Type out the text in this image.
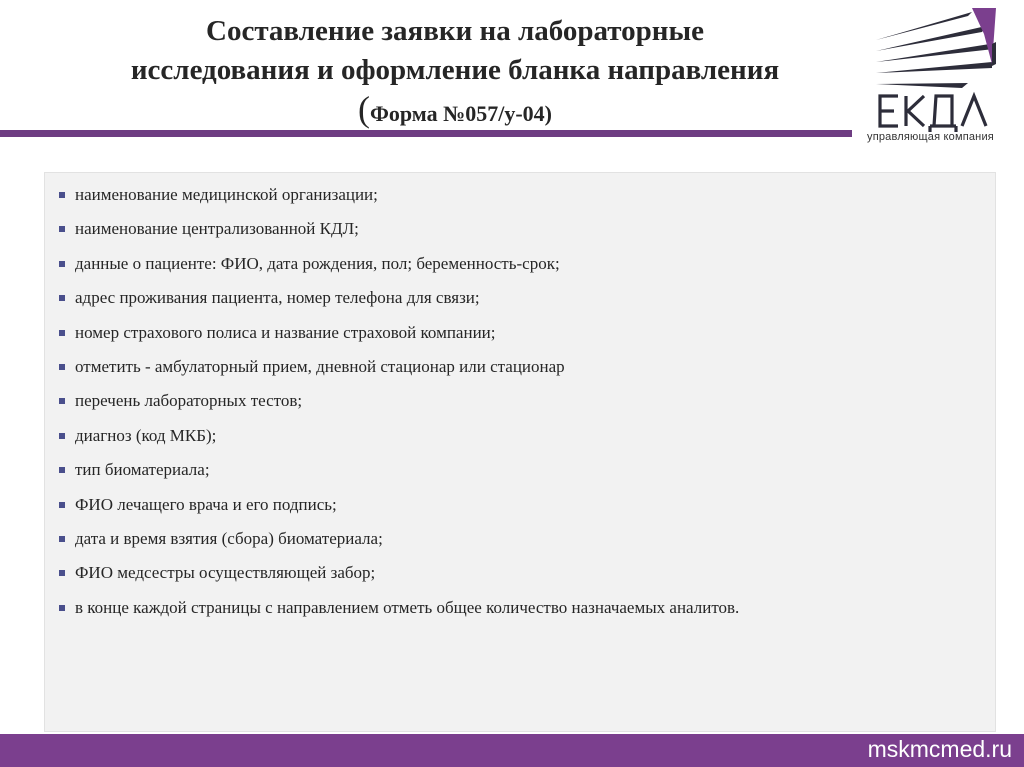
Составление заявки на лабораторные
исследования и оформление бланка направления
(Форма №057/у-04)
управляющая компания
наименование медицинской организации;
наименование централизованной КДЛ;
данные о пациенте: ФИО, дата рождения, пол; беременность-срок;
адрес проживания пациента, номер телефона для связи;
номер страхового полиса и название страховой компании;
отметить - амбулаторный прием, дневной стационар или стационар
перечень лабораторных тестов;
диагноз (код МКБ);
тип биоматериала;
ФИО лечащего врача и его подпись;
дата и время взятия (сбора) биоматериала;
ФИО медсестры осуществляющей забор;
в конце каждой страницы с направлением отметь общее количество назначаемых аналитов.
mskmcmed.ru
